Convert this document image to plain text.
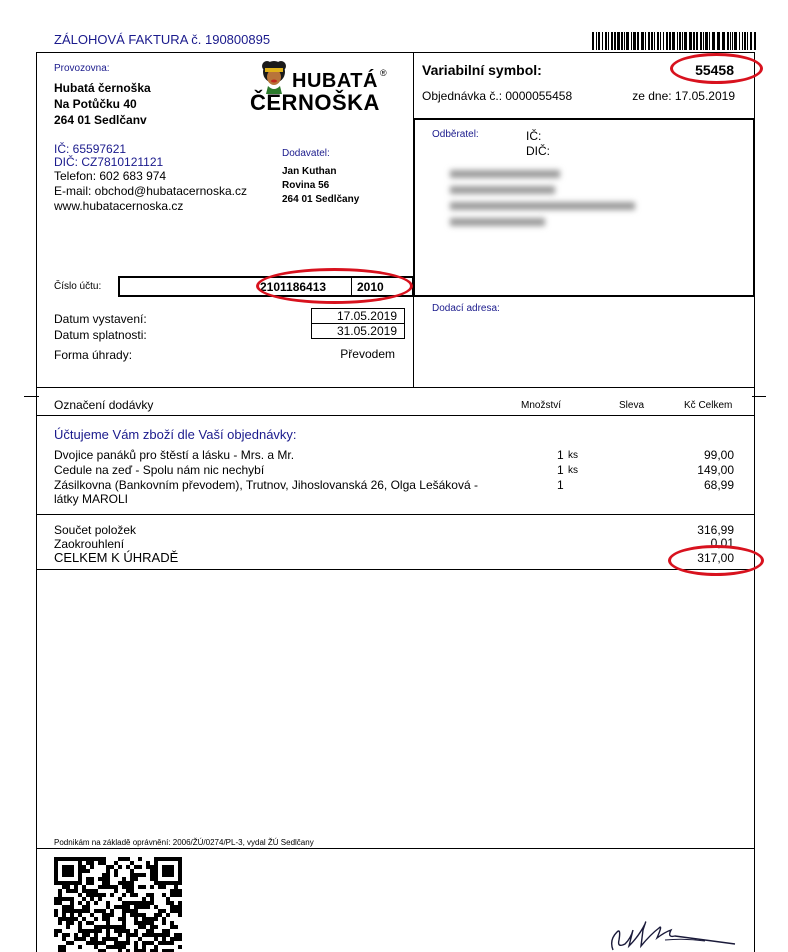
ZÁLOHOVÁ FAKTURA č. 190800895
Provozovna:
Hubatá černoška
Na Potůčku 40
264 01 Sedlčanv
HUBATÁ ®
ČERNOŠKA
IČ: 65597621
DIČ: CZ7810121121
Telefon: 602 683 974
E-mail: obchod@hubatacernoska.cz
www.hubatacernoska.cz
Dodavatel:
Jan Kuthan
Rovina 56
264 01 Sedlčany
Číslo účtu:	2101186413	2010
Datum vystavení:	17.05.2019
Datum splatnosti:	31.05.2019
Forma úhrady:	Převodem
Variabilní symbol:	55458
Objednávka č.: 0000055458	ze dne: 17.05.2019
Odběratel:	IČ:
DIČ:
Dodací adresa:
Označení dodávky	Množství	Sleva	Kč Celkem
Účtujeme Vám zboží dle Vaší objednávky:
Dvojice panáků pro štěstí a lásku - Mrs. a Mr.	1 ks	99,00
Cedule na zeď - Spolu nám nic nechybí	1 ks	149,00
Zásilkovna (Bankovním převodem), Trutnov, Jihoslovanská 26, Olga Lešáková -
látky MAROLI
1	68,99
Součet položek	316,99
Zaokrouhlení	0,01
CELKEM K ÚHRADĚ	317,00
Podnikám na základě oprávnění: 2006/ŽÚ/0274/PL-3, vydal ŽÚ Sedlčany
